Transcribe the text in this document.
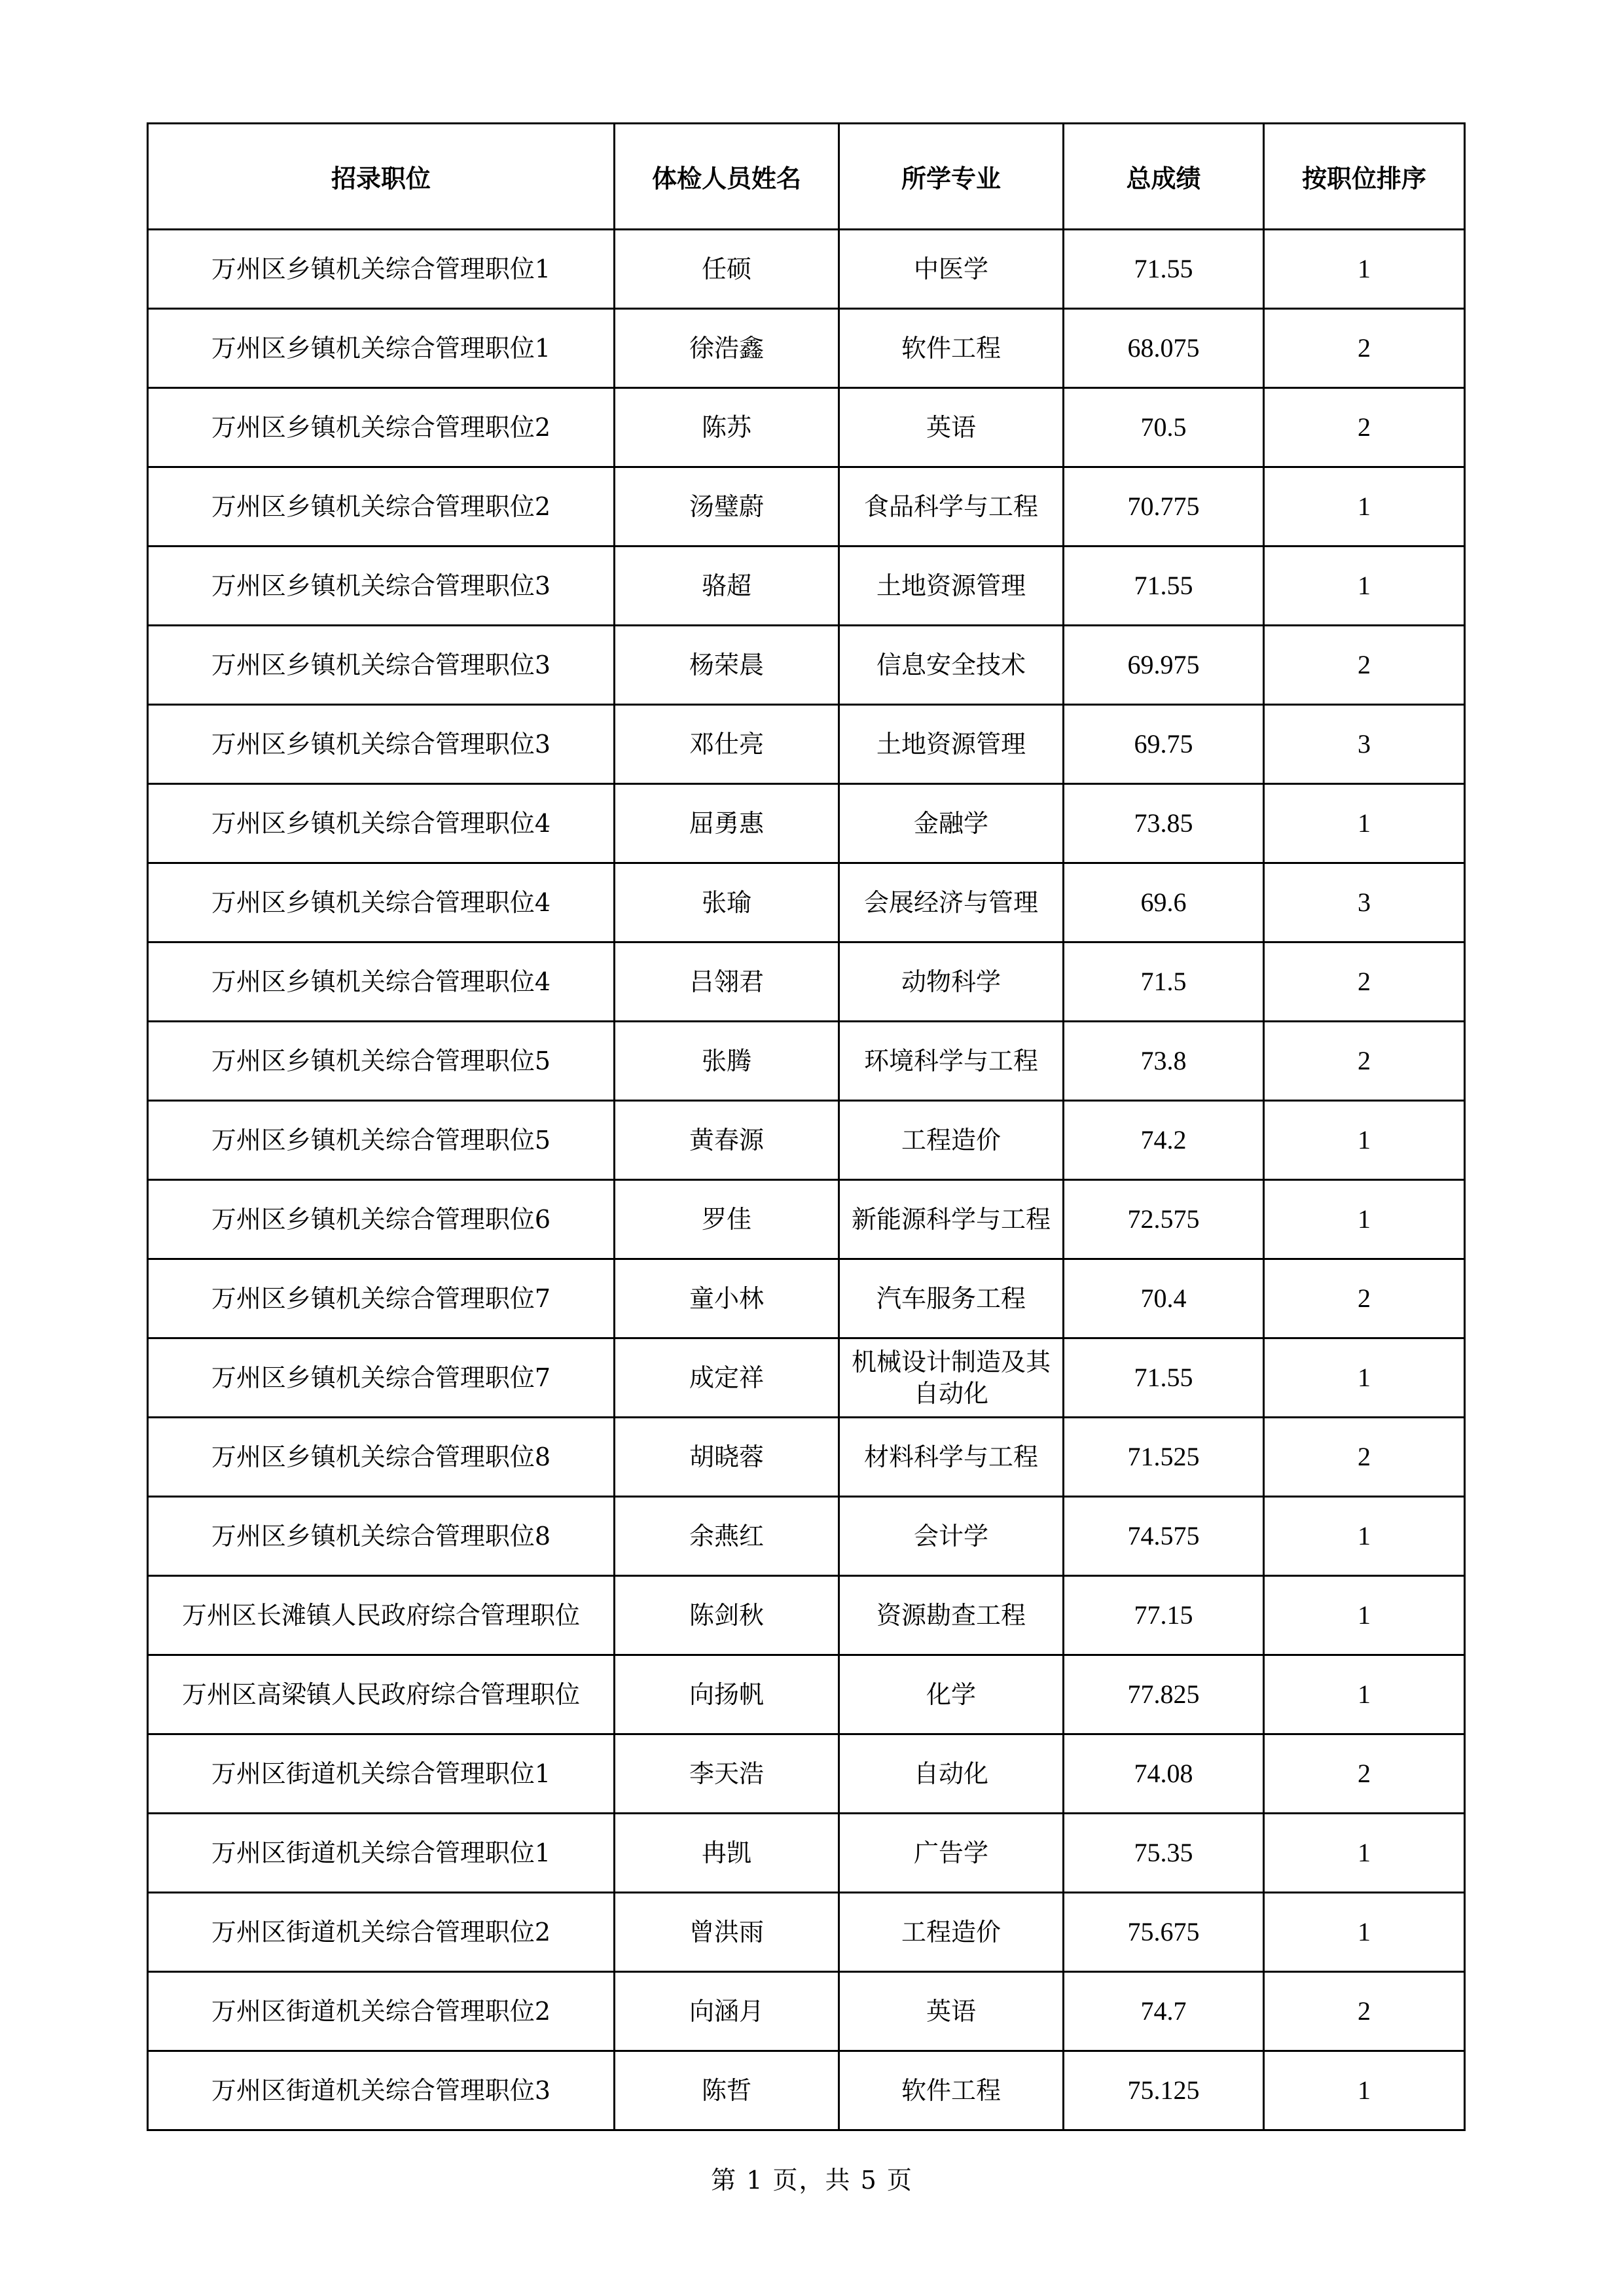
招录职位	体检人员姓名	所学专业	总成绩	按职位排序
万州区乡镇机关综合管理职位1	任硕	中医学	71.55	1
万州区乡镇机关综合管理职位1	徐浩鑫	软件工程	68.075	2
万州区乡镇机关综合管理职位2	陈苏	英语	70.5	2
万州区乡镇机关综合管理职位2	汤璧蔚	食品科学与工程	70.775	1
万州区乡镇机关综合管理职位3	骆超	土地资源管理	71.55	1
万州区乡镇机关综合管理职位3	杨荣晨	信息安全技术	69.975	2
万州区乡镇机关综合管理职位3	邓仕亮	土地资源管理	69.75	3
万州区乡镇机关综合管理职位4	屈勇惠	金融学	73.85	1
万州区乡镇机关综合管理职位4	张瑜	会展经济与管理	69.6	3
万州区乡镇机关综合管理职位4	吕翎君	动物科学	71.5	2
万州区乡镇机关综合管理职位5	张腾	环境科学与工程	73.8	2
万州区乡镇机关综合管理职位5	黄春源	工程造价	74.2	1
万州区乡镇机关综合管理职位6	罗佳	新能源科学与工程	72.575	1
万州区乡镇机关综合管理职位7	童小林	汽车服务工程	70.4	2
万州区乡镇机关综合管理职位7	成定祥	机械设计制造及其自动化	71.55	1
万州区乡镇机关综合管理职位8	胡晓蓉	材料科学与工程	71.525	2
万州区乡镇机关综合管理职位8	余燕红	会计学	74.575	1
万州区长滩镇人民政府综合管理职位	陈剑秋	资源勘查工程	77.15	1
万州区高梁镇人民政府综合管理职位	向扬帆	化学	77.825	1
万州区街道机关综合管理职位1	李天浩	自动化	74.08	2
万州区街道机关综合管理职位1	冉凯	广告学	75.35	1
万州区街道机关综合管理职位2	曾洪雨	工程造价	75.675	1
万州区街道机关综合管理职位2	向涵月	英语	74.7	2
万州区街道机关综合管理职位3	陈哲	软件工程	75.125	1
第 1 页，共 5 页
